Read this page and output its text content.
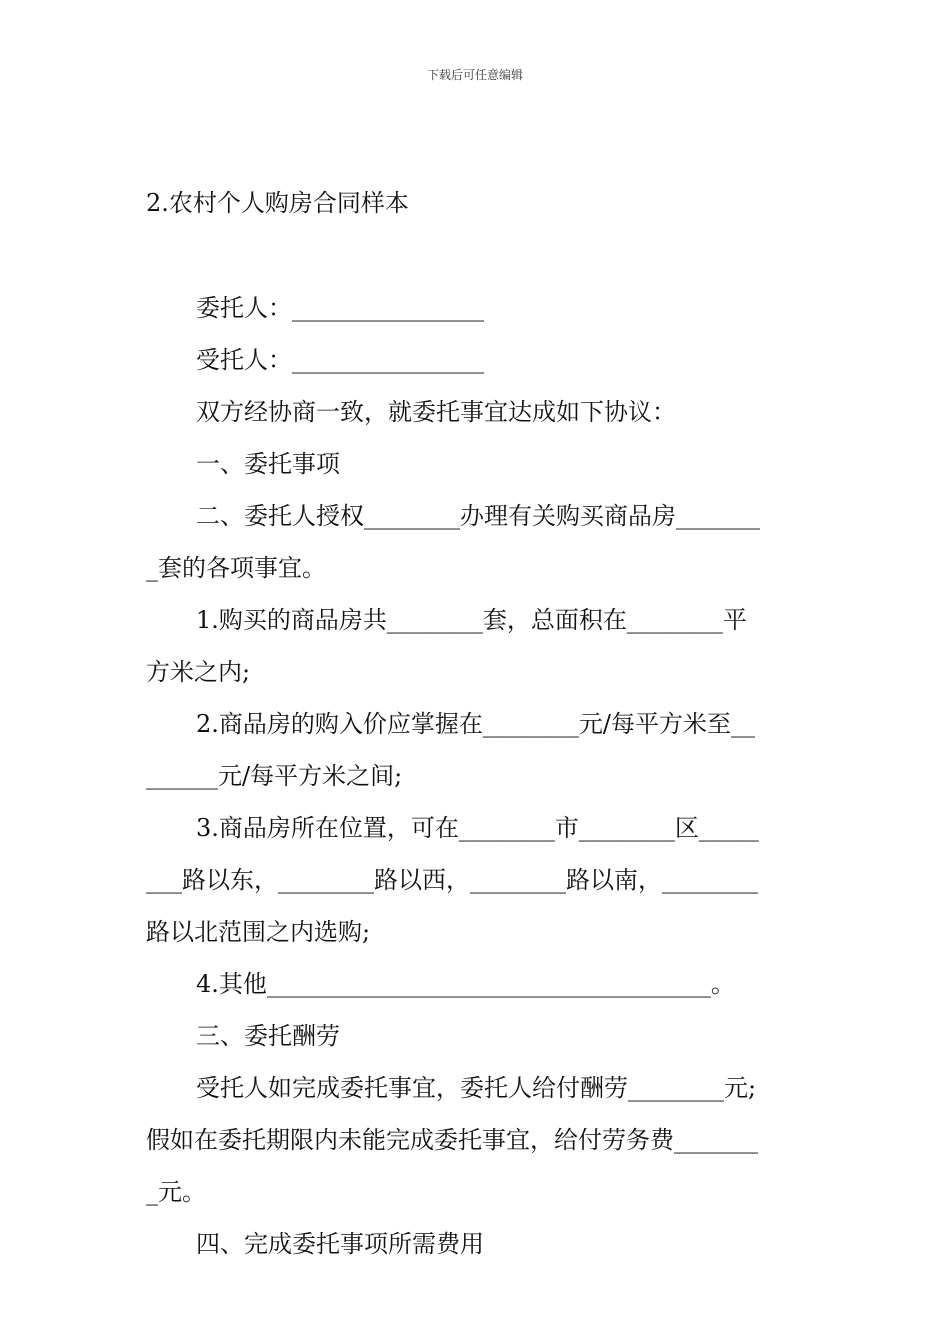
下载后可任意编辑
2.农村个人购房合同样本
委托人：________________
受托人：________________
双方经协商一致，就委托事宜达成如下协议：
一、委托事项
二、委托人授权________办理有关购买商品房_______
_套的各项事宜。
1.购买的商品房共________套，总面积在________平
方米之内;
2.商品房的购入价应掌握在________元/每平方米至__
______元/每平方米之间;
3.商品房所在位置，可在________市________区_____
___路以东，________路以西，________路以南，________
路以北范围之内选购;
4.其他_____________________________________。
三、委托酬劳
受托人如完成委托事宜，委托人给付酬劳________元;
假如在委托期限内未能完成委托事宜，给付劳务费_______
_元。
四、完成委托事项所需费用
